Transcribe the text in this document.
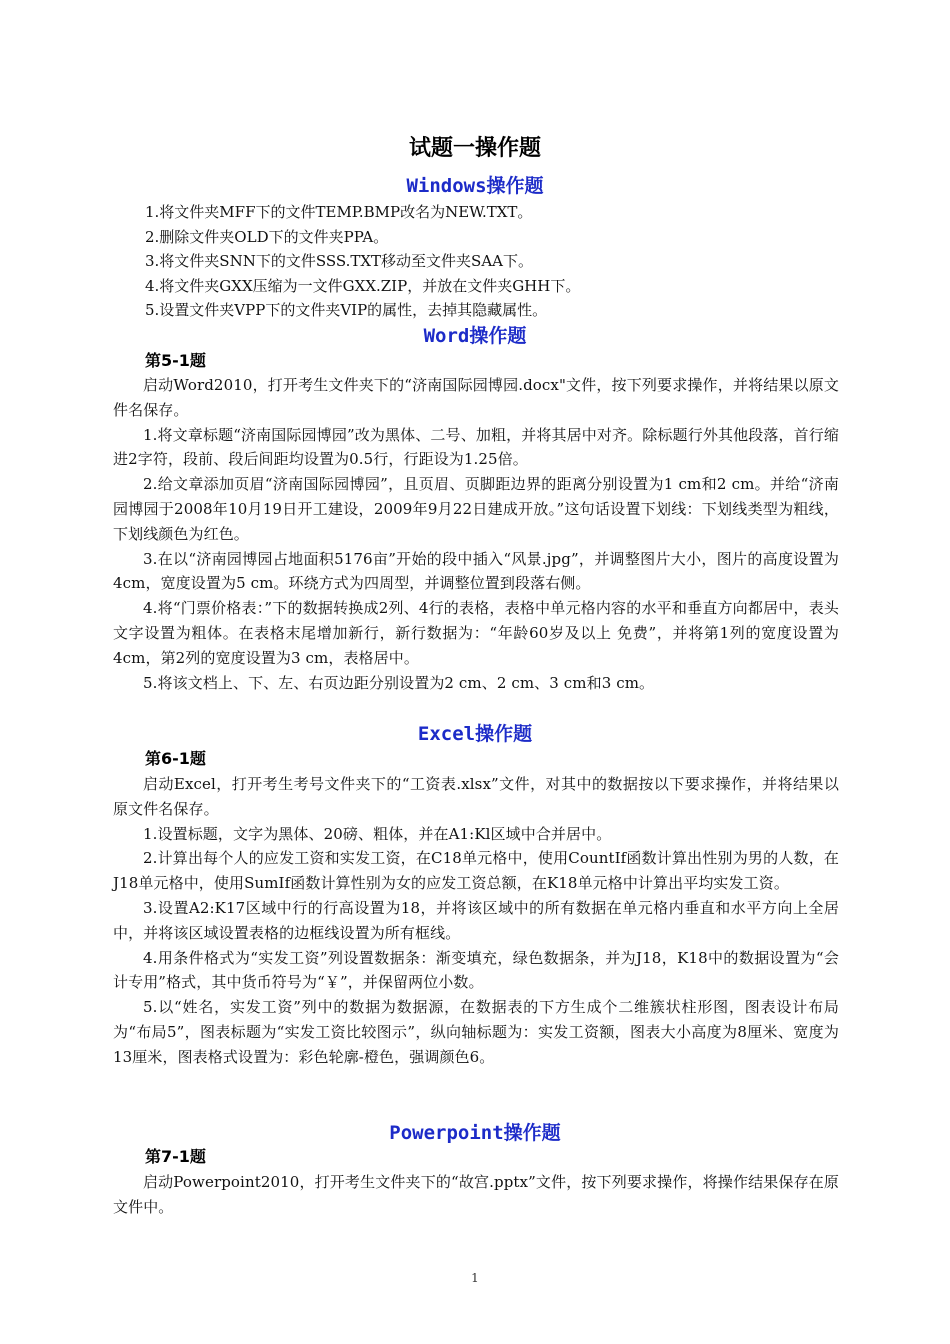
试题一操作题
Windows操作题
1.将文件夹MFF下的文件TEMP.BMP改名为NEW.TXT。
2.删除文件夹OLD下的文件夹PPA。
3.将文件夹SNN下的文件SSS.TXT移动至文件夹SAA下。
4.将文件夹GXX压缩为一文件GXX.ZIP，并放在文件夹GHH下。
5.设置文件夹VPP下的文件夹VIP的属性，去掉其隐藏属性。
Word操作题
第5-1题

启动Word2010，打开考生文件夹下的“济南国际园博园.docx"文件，按下列要求操作，并将结果以原文件名保存。

1.将文章标题“济南国际园博园”改为黑体、二号、加粗，并将其居中对齐。除标题行外其他段落，首行缩进2字符，段前、段后间距均设置为0.5行，行距设为1.25倍。

2.给文章添加页眉“济南国际园博园”，且页眉、页脚距边界的距离分别设置为1 cm和2 cm。并给“济南园博园于2008年10月19日开工建设，2009年9月22日建成开放。”这句话设置下划线：下划线类型为粗线，下划线颜色为红色。

3.在以“济南园博园占地面积5176亩”开始的段中插入“风景.jpg”，并调整图片大小，图片的高度设置为4cm，宽度设置为5 cm。环绕方式为四周型，并调整位置到段落右侧。

4.将“门票价格表：”下的数据转换成2列、4行的表格，表格中单元格内容的水平和垂直方向都居中，表头文字设置为粗体。在表格末尾增加新行，新行数据为：“年龄60岁及以上 免费”，并将第1列的宽度设置为4cm，第2列的宽度设置为3 cm，表格居中。

5.将该文档上、下、左、右页边距分别设置为2 cm、2 cm、3 cm和3 cm。

Excel操作题
第6-1题

启动Excel，打开考生考号文件夹下的“工资表.xlsx”文件，对其中的数据按以下要求操作，并将结果以原文件名保存。

1.设置标题，文字为黑体、20磅、粗体，并在A1:Kl区域中合并居中。

2.计算出每个人的应发工资和实发工资，在C18单元格中，使用CountIf函数计算出性别为男的人数，在J18单元格中，使用SumIf函数计算性别为女的应发工资总额，在K18单元格中计算出平均实发工资。

3.设置A2:K17区域中行的行高设置为18，并将该区域中的所有数据在单元格内垂直和水平方向上全居中，并将该区域设置表格的边框线设置为所有框线。

4.用条件格式为“实发工资”列设置数据条：渐变填充，绿色数据条，并为J18，K18中的数据设置为“会计专用”格式，其中货币符号为“￥”，并保留两位小数。

5.以“姓名，实发工资”列中的数据为数据源，在数据表的下方生成个二维簇状柱形图，图表设计布局为“布局5”，图表标题为“实发工资比较图示”，纵向轴标题为：实发工资额，图表大小高度为8厘米、宽度为13厘米，图表格式设置为：彩色轮廓-橙色，强调颜色6。

Powerpoint操作题
第7-1题

启动Powerpoint2010，打开考生文件夹下的“故宫.pptx”文件，按下列要求操作，将操作结果保存在原文件中。

1
